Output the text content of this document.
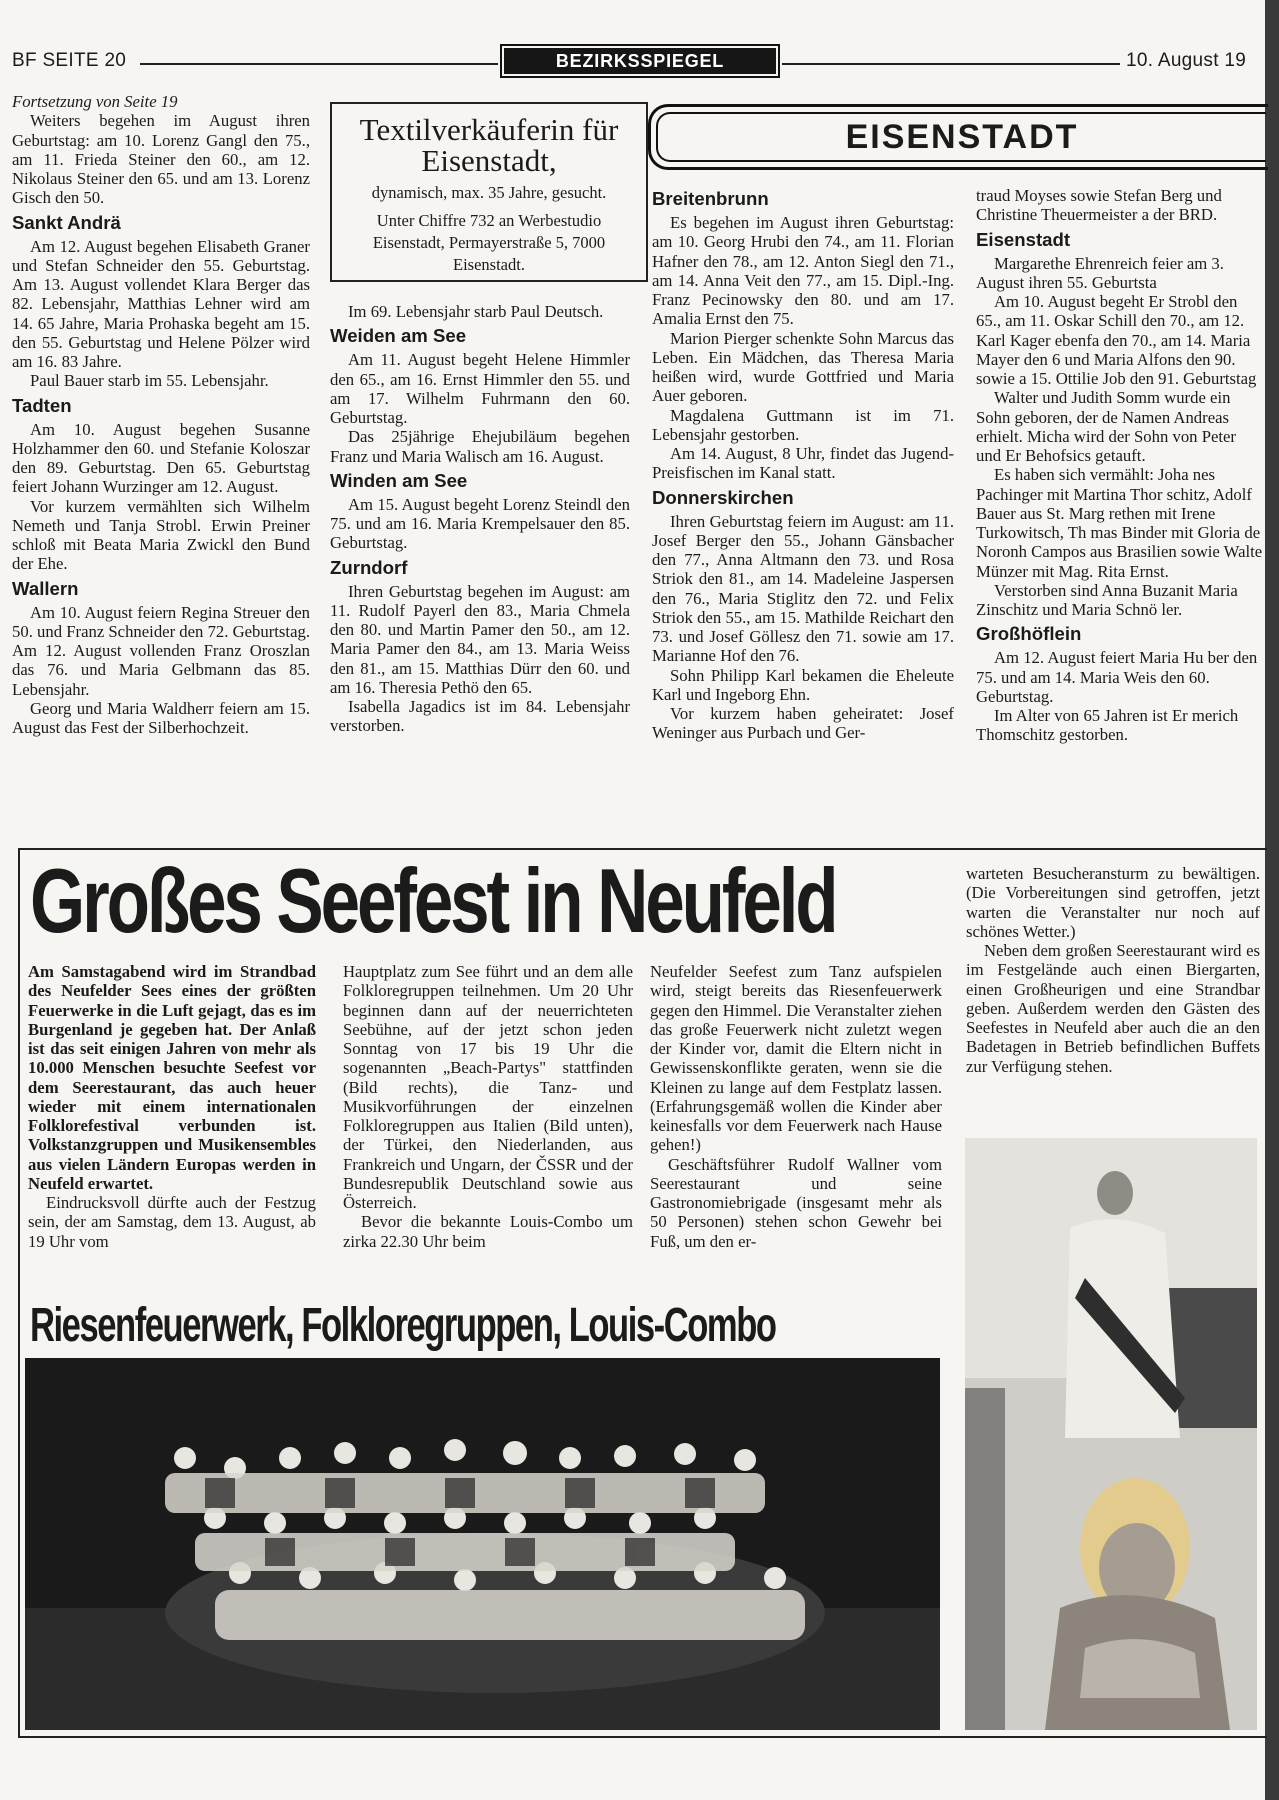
BF SEITE 20	BEZIRKSSPIEGEL	10. August 19

Fortsetzung von Seite 19

Weiters begehen im August ihren Geburtstag: am 10. Lorenz Gangl den 75., am 11. Frieda Steiner den 60., am 12. Nikolaus Steiner den 65. und am 13. Lorenz Gisch den 50.

Sankt Andrä

Am 12. August begehen Elisabeth Graner und Stefan Schneider den 55. Geburtstag. Am 13. August vollendet Klara Berger das 82. Lebensjahr, Matthias Lehner wird am 14. 65 Jahre, Maria Prohaska begeht am 15. den 55. Geburtstag und Helene Pölzer wird am 16. 83 Jahre.

Paul Bauer starb im 55. Lebensjahr.

Tadten

Am 10. August begehen Susanne Holzhammer den 60. und Stefanie Koloszar den 89. Geburtstag. Den 65. Geburtstag feiert Johann Wurzinger am 12. August.

Vor kurzem vermählten sich Wilhelm Nemeth und Tanja Strobl. Erwin Preiner schloß mit Beata Maria Zwickl den Bund der Ehe.

Wallern

Am 10. August feiern Regina Streuer den 50. und Franz Schneider den 72. Geburtstag. Am 12. August vollenden Franz Oroszlan das 76. und Maria Gelbmann das 85. Lebensjahr.

Georg und Maria Waldherr feiern am 15. August das Fest der Silberhochzeit.

Textilverkäuferin für Eisenstadt,
dynamisch, max. 35 Jahre, gesucht.
Unter Chiffre 732 an Werbestudio Eisenstadt, Permayerstraße 5, 7000 Eisenstadt.

Im 69. Lebensjahr starb Paul Deutsch.

Weiden am See

Am 11. August begeht Helene Himmler den 65., am 16. Ernst Himmler den 55. und am 17. Wilhelm Fuhrmann den 60. Geburtstag.

Das 25jährige Ehejubiläum begehen Franz und Maria Walisch am 16. August.

Winden am See

Am 15. August begeht Lorenz Steindl den 75. und am 16. Maria Krempelsauer den 85. Geburtstag.

Zurndorf

Ihren Geburtstag begehen im August: am 11. Rudolf Payerl den 83., Maria Chmela den 80. und Martin Pamer den 50., am 12. Maria Pamer den 84., am 13. Maria Weiss den 81., am 15. Matthias Dürr den 60. und am 16. Theresia Pethö den 65.

Isabella Jagadics ist im 84. Lebensjahr verstorben.

EISENSTADT
Breitenbrunn

Es begehen im August ihren Geburtstag: am 10. Georg Hrubi den 74., am 11. Florian Hafner den 78., am 12. Anton Siegl den 71., am 14. Anna Veit den 77., am 15. Dipl.-Ing. Franz Pecinowsky den 80. und am 17. Amalia Ernst den 75.

Marion Pierger schenkte Sohn Marcus das Leben. Ein Mädchen, das Theresa Maria heißen wird, wurde Gottfried und Maria Auer geboren.

Magdalena Guttmann ist im 71. Lebensjahr gestorben.

Am 14. August, 8 Uhr, findet das Jugend-Preisfischen im Kanal statt.

Donnerskirchen

Ihren Geburtstag feiern im August: am 11. Josef Berger den 55., Johann Gänsbacher den 77., Anna Altmann den 73. und Rosa Striok den 81., am 14. Madeleine Jaspersen den 76., Maria Stiglitz den 72. und Felix Striok den 55., am 15. Mathilde Reichart den 73. und Josef Göllesz den 71. sowie am 17. Marianne Hof den 76.

Sohn Philipp Karl bekamen die Eheleute Karl und Ingeborg Ehn.

Vor kurzem haben geheiratet: Josef Weninger aus Purbach und Ger-

traud Moyses sowie Stefan Berg und Christine Theuermeister a der BRD.

Eisenstadt

Margarethe Ehrenreich feier am 3. August ihren 55. Geburtsta

Am 10. August begeht Er Strobl den 65., am 11. Oskar Schill den 70., am 12. Karl Kager ebenfa den 70., am 14. Maria Mayer den 6 und Maria Alfons den 90. sowie a 15. Ottilie Job den 91. Geburtstag

Walter und Judith Somm wurde ein Sohn geboren, der de Namen Andreas erhielt. Micha wird der Sohn von Peter und Er Behofsics getauft.

Es haben sich vermählt: Joha nes Pachinger mit Martina Thor schitz, Adolf Bauer aus St. Marg rethen mit Irene Turkowitsch, Th mas Binder mit Gloria de Noronh Campos aus Brasilien sowie Walte Münzer mit Mag. Rita Ernst.

Verstorben sind Anna Buzanit Maria Zinschitz und Maria Schnö ler.

Großhöflein

Am 12. August feiert Maria Hu ber den 75. und am 14. Maria Weis den 60. Geburtstag.

Im Alter von 65 Jahren ist Er merich Thomschitz gestorben.

Großes Seefest in Neufeld

Am Samstagabend wird im Strandbad des Neufelder Sees eines der größten Feuerwerke in die Luft gejagt, das es im Burgenland je gegeben hat. Der Anlaß ist das seit einigen Jahren von mehr als 10.000 Menschen besuchte Seefest vor dem Seerestaurant, das auch heuer wieder mit einem internationalen Folklorefestival verbunden ist. Volkstanzgruppen und Musikensembles aus vielen Ländern Europas werden in Neufeld erwartet.

Eindrucksvoll dürfte auch der Festzug sein, der am Samstag, dem 13. August, ab 19 Uhr vom

Hauptplatz zum See führt und an dem alle Folkloregruppen teilnehmen. Um 20 Uhr beginnen dann auf der neuerrichteten Seebühne, auf der jetzt schon jeden Sonntag von 17 bis 19 Uhr die sogenannten „Beach-Partys" stattfinden (Bild rechts), die Tanz- und Musikvorführungen der einzelnen Folkloregruppen aus Italien (Bild unten), der Türkei, den Niederlanden, aus Frankreich und Ungarn, der ČSSR und der Bundesrepublik Deutschland sowie aus Österreich.

Bevor die bekannte Louis-Combo um zirka 22.30 Uhr beim

Neufelder Seefest zum Tanz aufspielen wird, steigt bereits das Riesenfeuerwerk gegen den Himmel. Die Veranstalter ziehen das große Feuerwerk nicht zuletzt wegen der Kinder vor, damit die Eltern nicht in Gewissenskonflikte geraten, wenn sie die Kleinen zu lange auf dem Festplatz lassen. (Erfahrungsgemäß wollen die Kinder aber keinesfalls vor dem Feuerwerk nach Hause gehen!)

Geschäftsführer Rudolf Wallner vom Seerestaurant und seine Gastronomiebrigade (insgesamt mehr als 50 Personen) stehen schon Gewehr bei Fuß, um den er-

warteten Besucheransturm zu bewältigen. (Die Vorbereitungen sind getroffen, jetzt warten die Veranstalter nur noch auf schönes Wetter.)

Neben dem großen Seerestaurant wird es im Festgelände auch einen Biergarten, einen Großheurigen und eine Strandbar geben. Außerdem werden den Gästen des Seefestes in Neufeld aber auch die an den Badetagen in Betrieb befindlichen Buffets zur Verfügung stehen.

Riesenfeuerwerk, Folkloregruppen, Louis-Combo
